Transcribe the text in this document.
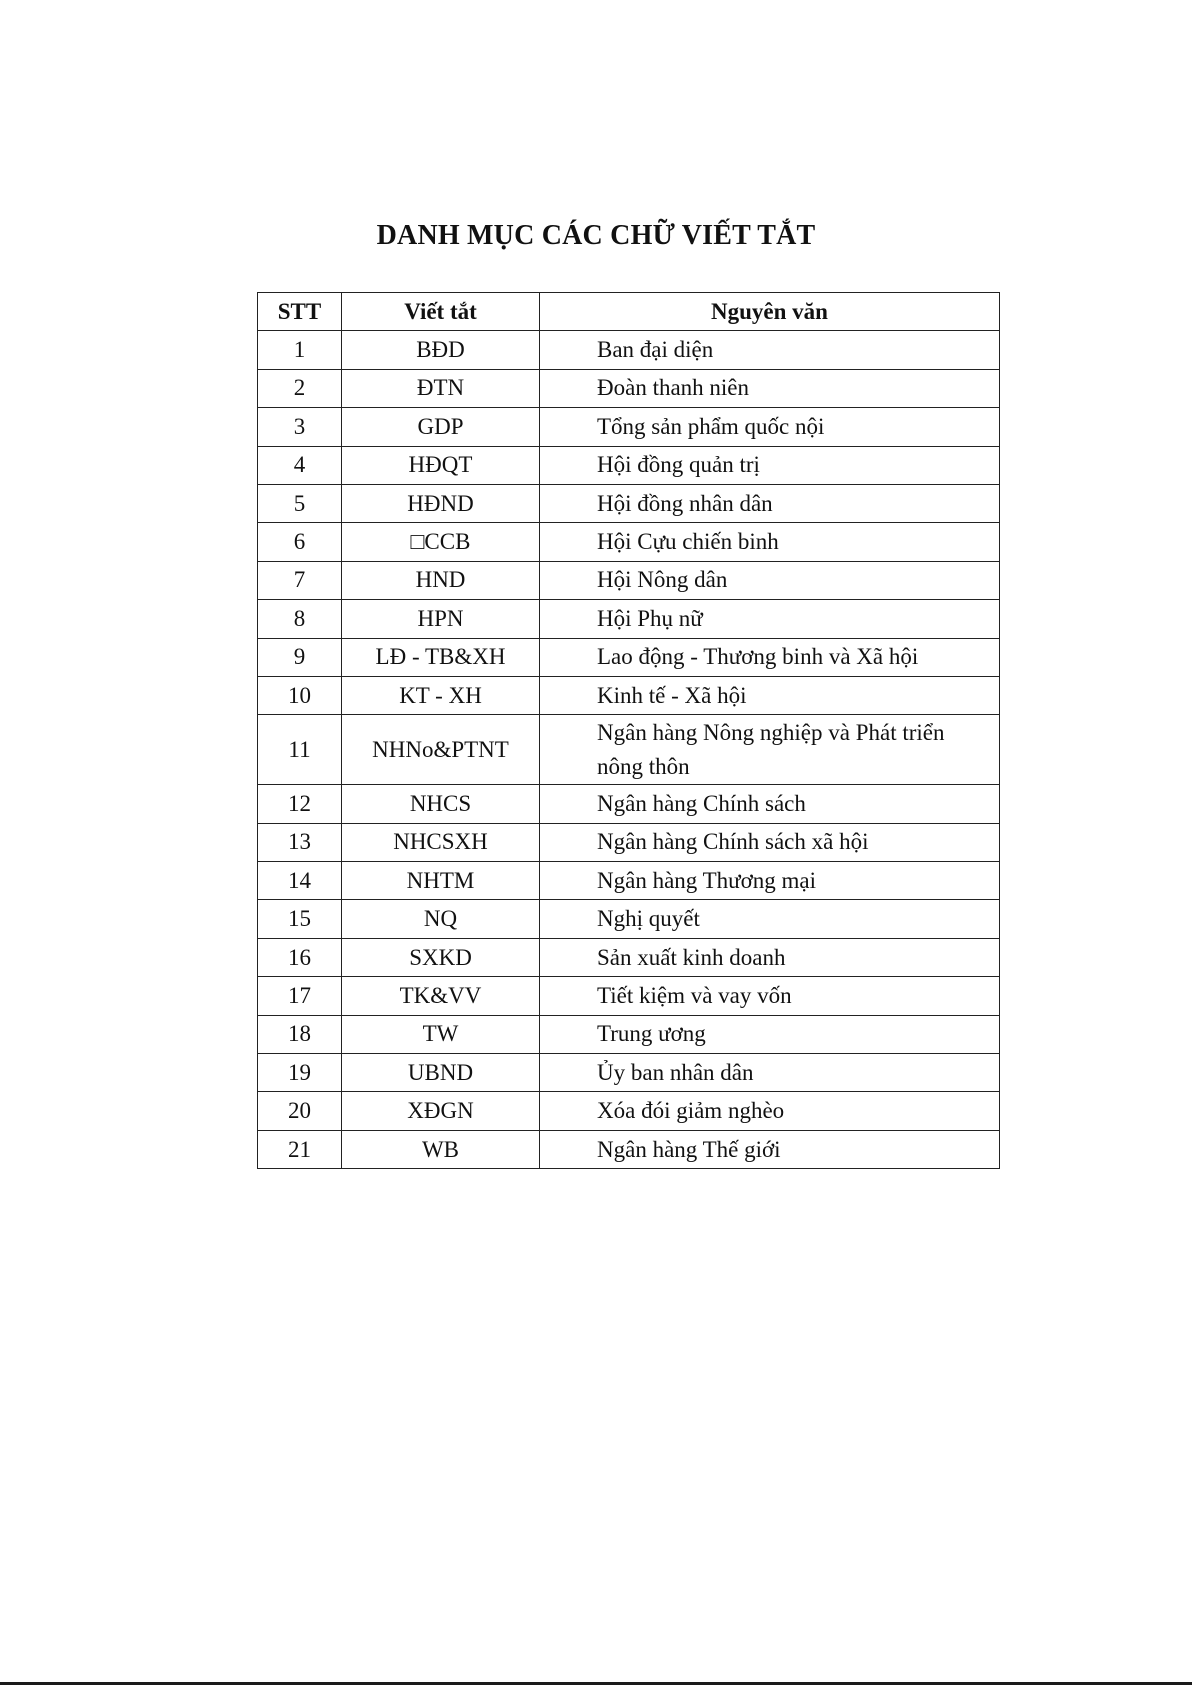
DANH MỤC CÁC CHỮ VIẾT TẮT
STT	Viết tắt	Nguyên văn
1	BĐD	Ban đại diện
2	ĐTN	Đoàn thanh niên
3	GDP	Tổng sản phẩm quốc nội
4	HĐQT	Hội đồng quản trị
5	HĐND	Hội đồng nhân dân
6	□CCB	Hội Cựu chiến binh
7	HND	Hội Nông dân
8	HPN	Hội Phụ nữ
9	LĐ - TB&XH	Lao động - Thương binh và Xã hội
10	KT - XH	Kinh tế - Xã hội
11	NHNo&PTNT	Ngân hàng Nông nghiệp và Phát triển nông thôn
12	NHCS	Ngân hàng Chính sách
13	NHCSXH	Ngân hàng Chính sách xã hội
14	NHTM	Ngân hàng Thương mại
15	NQ	Nghị quyết
16	SXKD	Sản xuất kinh doanh
17	TK&VV	Tiết kiệm và vay vốn
18	TW	Trung ương
19	UBND	Ủy ban nhân dân
20	XĐGN	Xóa đói giảm nghèo
21	WB	Ngân hàng Thế giới
